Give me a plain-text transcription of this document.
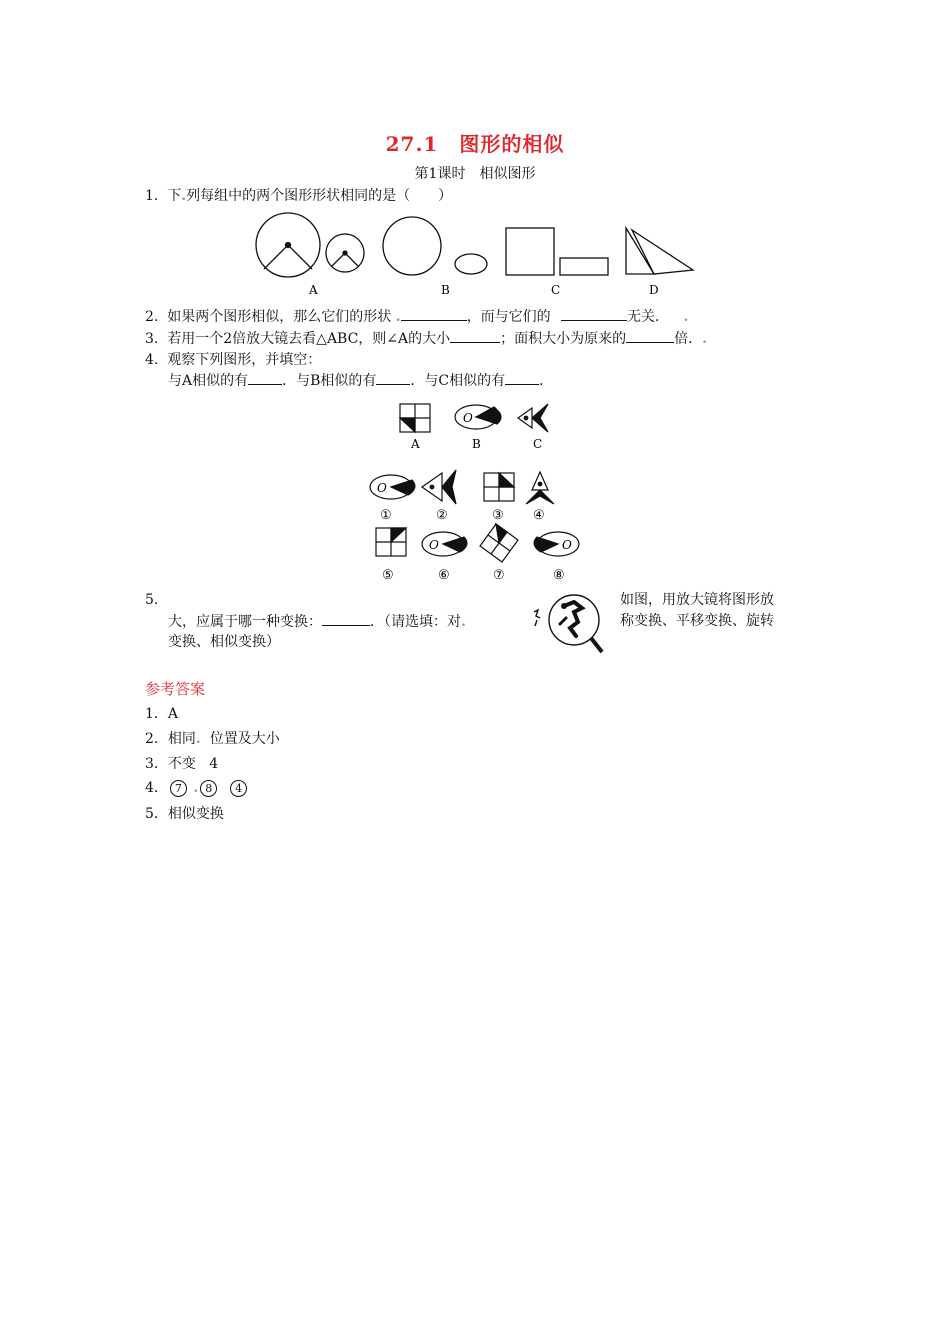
27.1　图形的相似
第1课时　相似图形
1. 下.列每组中的两个图形形状相同的是（　　）
A	B	C	D
2. 如果两个图形相似，那么它们的形状 .	，而与它们的	无关． .
3. 若用一个2倍放大镜去看△ABC，则∠A的大小	；面积大小为原来的	倍．.
4. 观察下列图形，并填空：
与A相似的有 ．与B相似的有 ．与C相似的有 ．
O
A	B	C
O
①	②	③ ④
O	O
⑤	⑥	⑦	⑧
5.	如图，用放大镜将图形放
大，应属于哪一种变换：	．（请选填：对.	称变换、平移变换、旋转
变换、相似变换）
参考答案
1．A
2．相同. 位置及大小
3．不变 4
4． 7 . 8 4
5．相似变换
